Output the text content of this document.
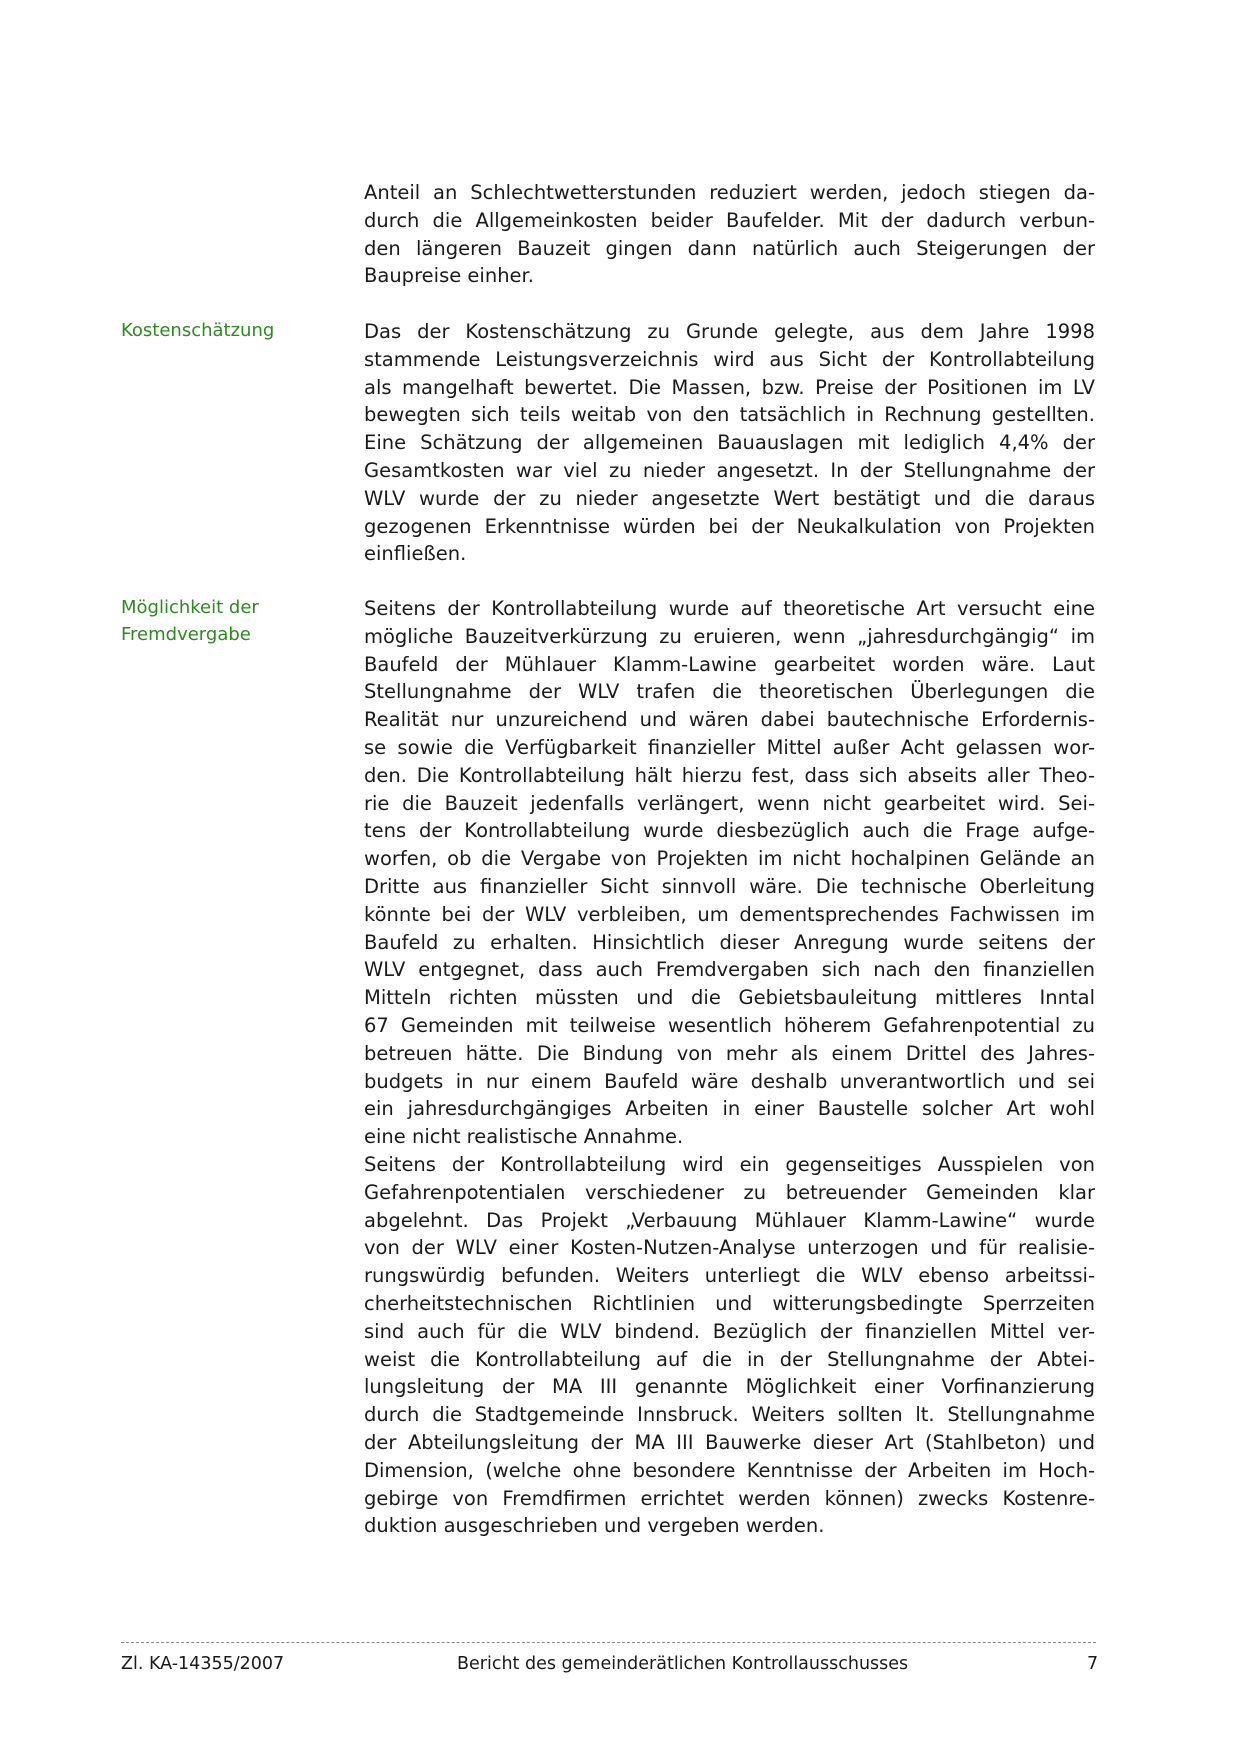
Anteil an Schlechtwetterstunden reduziert werden, jedoch stiegen da-
durch die Allgemeinkosten beider Baufelder. Mit der dadurch verbun-
den längeren Bauzeit gingen dann natürlich auch Steigerungen der
Baupreise einher.
Kostenschätzung	Das der Kostenschätzung zu Grunde gelegte, aus dem Jahre 1998
stammende Leistungsverzeichnis wird aus Sicht der Kontrollabteilung
als mangelhaft bewertet. Die Massen, bzw. Preise der Positionen im LV
bewegten sich teils weitab von den tatsächlich in Rechnung gestellten.
Eine Schätzung der allgemeinen Bauauslagen mit lediglich 4,4% der
Gesamtkosten war viel zu nieder angesetzt. In der Stellungnahme der
WLV wurde der zu nieder angesetzte Wert bestätigt und die daraus
gezogenen Erkenntnisse würden bei der Neukalkulation von Projekten
einfließen.
Möglichkeit der
Fremdvergabe
Seitens der Kontrollabteilung wurde auf theoretische Art versucht eine
mögliche Bauzeitverkürzung zu eruieren, wenn „jahresdurchgängig“ im
Baufeld der Mühlauer Klamm-Lawine gearbeitet worden wäre. Laut
Stellungnahme der WLV trafen die theoretischen Überlegungen die
Realität nur unzureichend und wären dabei bautechnische Erfordernis-
se sowie die Verfügbarkeit finanzieller Mittel außer Acht gelassen wor-
den. Die Kontrollabteilung hält hierzu fest, dass sich abseits aller Theo-
rie die Bauzeit jedenfalls verlängert, wenn nicht gearbeitet wird. Sei-
tens der Kontrollabteilung wurde diesbezüglich auch die Frage aufge-
worfen, ob die Vergabe von Projekten im nicht hochalpinen Gelände an
Dritte aus finanzieller Sicht sinnvoll wäre. Die technische Oberleitung
könnte bei der WLV verbleiben, um dementsprechendes Fachwissen im
Baufeld zu erhalten. Hinsichtlich dieser Anregung wurde seitens der
WLV entgegnet, dass auch Fremdvergaben sich nach den finanziellen
Mitteln richten müssten und die Gebietsbauleitung mittleres Inntal
67 Gemeinden mit teilweise wesentlich höherem Gefahrenpotential zu
betreuen hätte. Die Bindung von mehr als einem Drittel des Jahres-
budgets in nur einem Baufeld wäre deshalb unverantwortlich und sei
ein jahresdurchgängiges Arbeiten in einer Baustelle solcher Art wohl
eine nicht realistische Annahme.
Seitens der Kontrollabteilung wird ein gegenseitiges Ausspielen von
Gefahrenpotentialen verschiedener zu betreuender Gemeinden klar
abgelehnt. Das Projekt „Verbauung Mühlauer Klamm-Lawine“ wurde
von der WLV einer Kosten-Nutzen-Analyse unterzogen und für realisie-
rungswürdig befunden. Weiters unterliegt die WLV ebenso arbeitssi-
cherheitstechnischen Richtlinien und witterungsbedingte Sperrzeiten
sind auch für die WLV bindend. Bezüglich der finanziellen Mittel ver-
weist die Kontrollabteilung auf die in der Stellungnahme der Abtei-
lungsleitung der MA III genannte Möglichkeit einer Vorfinanzierung
durch die Stadtgemeinde Innsbruck. Weiters sollten lt. Stellungnahme
der Abteilungsleitung der MA III Bauwerke dieser Art (Stahlbeton) und
Dimension, (welche ohne besondere Kenntnisse der Arbeiten im Hoch-
gebirge von Fremdfirmen errichtet werden können) zwecks Kostenre-
duktion ausgeschrieben und vergeben werden.
Zl. KA-14355/2007	Bericht des gemeinderätlichen Kontrollausschusses	7
